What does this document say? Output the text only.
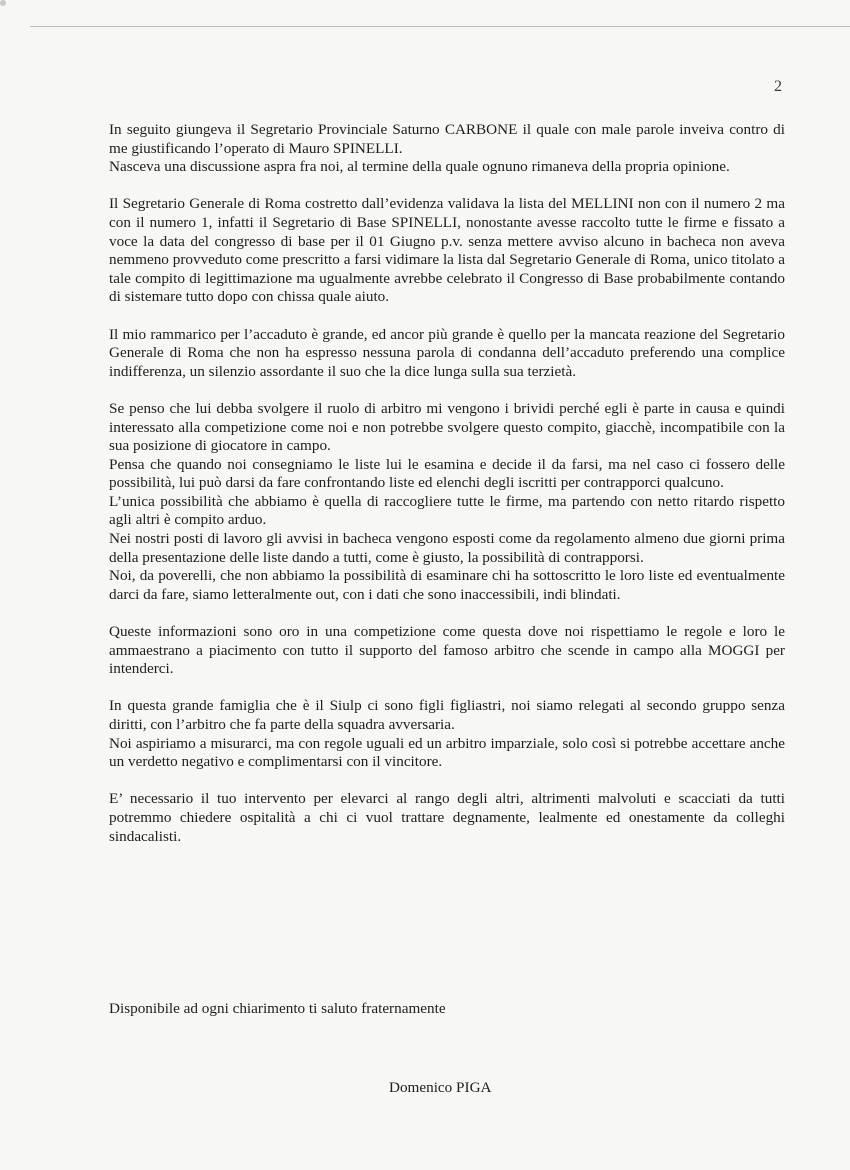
2

In seguito giungeva il Segretario Provinciale Saturno CARBONE il quale con male parole inveiva contro di me giustificando l’operato di Mauro SPINELLI.

Nasceva una discussione aspra fra noi, al termine della quale ognuno rimaneva della propria opinione.

Il Segretario Generale di Roma costretto dall’evidenza validava la lista del MELLINI non con il numero 2 ma con il numero 1, infatti il Segretario di Base SPINELLI, nonostante avesse raccolto tutte le firme e fissato a voce la data del congresso di base per il 01 Giugno p.v. senza mettere avviso alcuno in bacheca non aveva nemmeno provveduto come prescritto a farsi vidimare la lista dal Segretario Generale di Roma, unico titolato a tale compito di legittimazione ma ugualmente avrebbe celebrato il Congresso di Base probabilmente contando di sistemare tutto dopo con chissa quale aiuto.

Il mio rammarico per l’accaduto è grande, ed ancor più grande è quello per la mancata reazione del Segretario Generale di Roma che non ha espresso nessuna parola di condanna dell’accaduto preferendo una complice indifferenza, un silenzio assordante il suo che la dice lunga sulla sua terzietà.

Se penso che lui debba svolgere il ruolo di arbitro mi vengono i brividi perché egli è parte in causa e quindi interessato alla competizione come noi e non potrebbe svolgere questo compito, giacchè, incompatibile con la sua posizione di giocatore in campo.

Pensa che quando noi consegniamo le liste lui le esamina e decide il da farsi, ma nel caso ci fossero delle possibilità, lui può darsi da fare confrontando liste ed elenchi degli iscritti per contrapporci qualcuno.

L’unica possibilità che abbiamo è quella di raccogliere tutte le firme, ma partendo con netto ritardo rispetto agli altri è compito arduo.

Nei nostri posti di lavoro gli avvisi in bacheca vengono esposti come da regolamento almeno due giorni prima della presentazione delle liste dando a tutti, come è giusto, la possibilità di contrapporsi.

Noi, da poverelli, che non abbiamo la possibilità di esaminare chi ha sottoscritto le loro liste ed eventualmente darci da fare, siamo letteralmente out, con i dati che sono inaccessibili, indi blindati.

Queste informazioni sono oro in una competizione come questa dove noi rispettiamo le regole e loro le ammaestrano a piacimento con tutto il supporto del famoso arbitro che scende in campo alla MOGGI per intenderci.

In questa grande famiglia che è il Siulp ci sono figli figliastri, noi siamo relegati al secondo gruppo senza diritti, con l’arbitro che fa parte della squadra avversaria.

Noi aspiriamo a misurarci, ma con regole uguali ed un arbitro imparziale, solo così si potrebbe accettare anche un verdetto negativo e complimentarsi con il vincitore.

E’ necessario il tuo intervento per elevarci al rango degli altri, altrimenti malvoluti e scacciati da tutti potremmo chiedere ospitalità a chi ci vuol trattare degnamente, lealmente ed onestamente da colleghi sindacalisti.

Disponibile ad ogni chiarimento ti saluto fraternamente
Domenico PIGA
